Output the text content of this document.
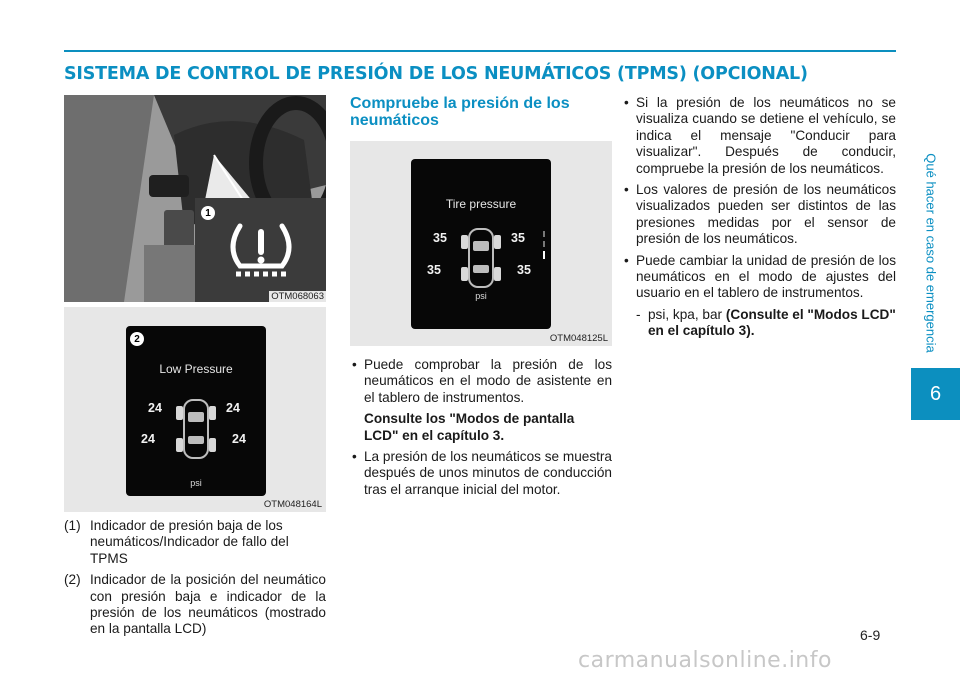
SISTEMA DE CONTROL DE PRESIÓN DE LOS NEUMÁTICOS (TPMS) (OPCIONAL)
Qué hacer en caso de emergencia
6
1
OTM068063
2
Low Pressure
24	24
24	24
psi
OTM048164L
Tire pressure
35	35
35	35
psi
OTM048125L

(1) Indicador de presión baja de los neumáticos/Indicador de fallo del TPMS

(2) Indicador de la posición del neumático con presión baja e indicador de la presión de los neumáticos (mostrado en la pantalla LCD)

Compruebe la presión de los neumáticos

• Puede comprobar la presión de los neumáticos en el modo de asistente en el tablero de instrumentos.

Consulte los "Modos de pantalla LCD" en el capítulo 3.

• La presión de los neumáticos se muestra después de unos minutos de conducción tras el arranque inicial del motor.

• Si la presión de los neumáticos no se visualiza cuando se detiene el vehículo, se indica el mensaje "Conducir para visualizar". Después de conducir, compruebe la presión de los neumáticos.

• Los valores de presión de los neumáticos visualizados pueden ser distintos de las presiones medidas por el sensor de presión de los neumáticos.

• Puede cambiar la unidad de presión de los neumáticos en el modo de ajustes del usuario en el tablero de instrumentos.

- psi, kpa, bar (Consulte el "Modos LCD" en el capítulo 3).

6-9
carmanualsonline.info
